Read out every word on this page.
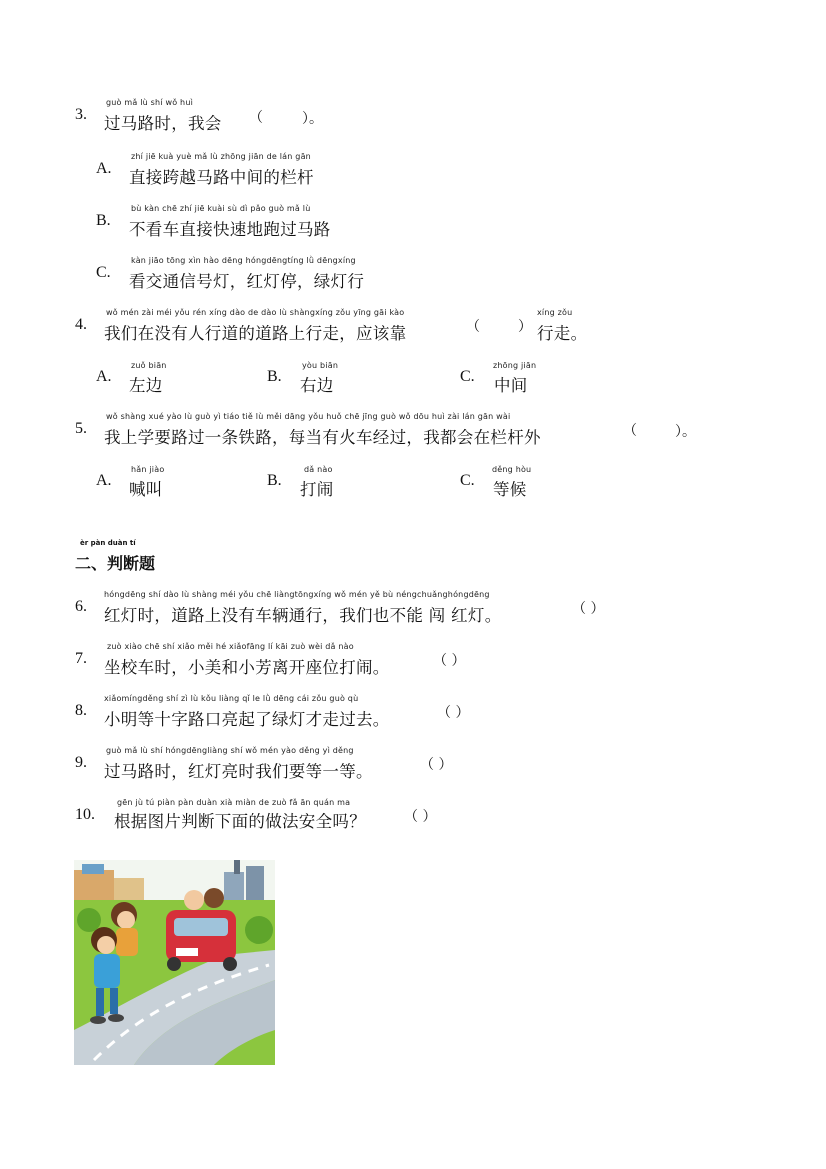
3.
guò mǎ lù shí wǒ huì
过马路时，我会 （	）。
A.
zhí jiē kuà yuè mǎ lù zhōng jiān de lán gān
直接跨越马路中间的栏杆
B.
bù kàn chē zhí jiē kuài sù dì pǎo guò mǎ lù
不看车直接快速地跑过马路
C.
kàn jiāo tōng xìn hào dēng hóngdēngtíng lǜ dēngxíng
看交通信号灯，红灯停，绿灯行
4.
wǒ mén zài méi yǒu rén xíng dào de dào lù shàngxíng zǒu yīng gāi kào
我们在没有人行道的道路上行走，应该靠	（	）
xíng zǒu
行走。
A.
zuǒ biān
左边	B.
yòu biān
右边	C.
zhōng jiān
中间
5.
wǒ shàng xué yào lù guò yì tiáo tiě lù měi dāng yǒu huǒ chē jīng guò wǒ dōu huì zài lán gān wài
我上学要路过一条铁路，每当有火车经过，我都会在栏杆外	（	）。
A.
hǎn jiào
喊叫	B.
dǎ nào
打闹	C.
děng hòu
等候
èr pàn duàn tí
二、判断题
6.
hóngdēng shí dào lù shàng méi yǒu chē liàngtōngxíng wǒ mén yě bù néngchuǎnghóngdēng
红灯时，道路上没有车辆通行，我们也不能 闯 红灯。	（ ）
7.
zuò xiào chē shí xiǎo měi hé xiǎofāng lí kāi zuò wèi dǎ nào
坐校车时，小美和小芳离开座位打闹。	（ ）
8.
xiǎomíngděng shí zì lù kǒu liàng qǐ le lǜ dēng cái zǒu guò qù
小明等十字路口亮起了绿灯才走过去。	（ ）
9.
guò mǎ lù shí hóngdēngliàng shí wǒ mén yào děng yì děng
过马路时，红灯亮时我们要等一等。	（ ）
10.
gēn jù tú piàn pàn duàn xià miàn de zuò fǎ ān quán ma
根据图片判断下面的做法安全吗？	（ ）
